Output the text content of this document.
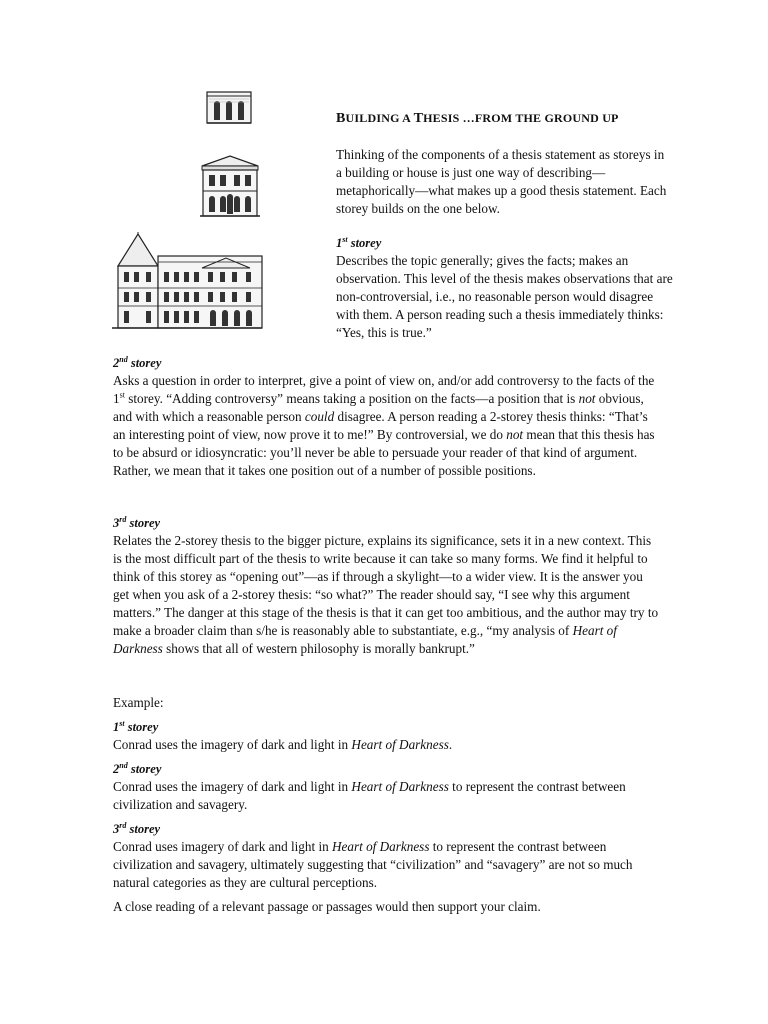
BUILDING A THESIS …FROM THE GROUND UP
Thinking of the components of a thesis statement as storeys in a building or house is just one way of describing—metaphorically—what makes up a good thesis statement. Each storey builds on the one below.
1st storey
Describes the topic generally; gives the facts; makes an observation. This level of the thesis makes observations that are non-controversial, i.e., no reasonable person would disagree with them. A person reading such a thesis immediately thinks: “Yes, this is true.”
2nd storey
Asks a question in order to interpret, give a point of view on, and/or add controversy to the facts of the 1st storey. “Adding controversy” means taking a position on the facts—a position that is not obvious, and with which a reasonable person could disagree. A person reading a 2-storey thesis thinks: “That’s an interesting point of view, now prove it to me!” By controversial, we do not mean that this thesis has to be absurd or idiosyncratic: you’ll never be able to persuade your reader of that kind of argument. Rather, we mean that it takes one position out of a number of possible positions.
3rd storey
Relates the 2-storey thesis to the bigger picture, explains its significance, sets it in a new context. This is the most difficult part of the thesis to write because it can take so many forms. We find it helpful to think of this storey as “opening out”—as if through a skylight—to a wider view. It is the answer you get when you ask of a 2-storey thesis: “so what?” The reader should say, “I see why this argument matters.” The danger at this stage of the thesis is that it can get too ambitious, and the author may try to make a broader claim than s/he is reasonably able to substantiate, e.g., “my analysis of Heart of Darkness shows that all of western philosophy is morally bankrupt.”
Example:
1st storey
Conrad uses the imagery of dark and light in Heart of Darkness.
2nd storey
Conrad uses the imagery of dark and light in Heart of Darkness to represent the contrast between civilization and savagery.
3rd storey
Conrad uses imagery of dark and light in Heart of Darkness to represent the contrast between civilization and savagery, ultimately suggesting that “civilization” and “savagery” are not so much natural categories as they are cultural perceptions.
A close reading of a relevant passage or passages would then support your claim.
